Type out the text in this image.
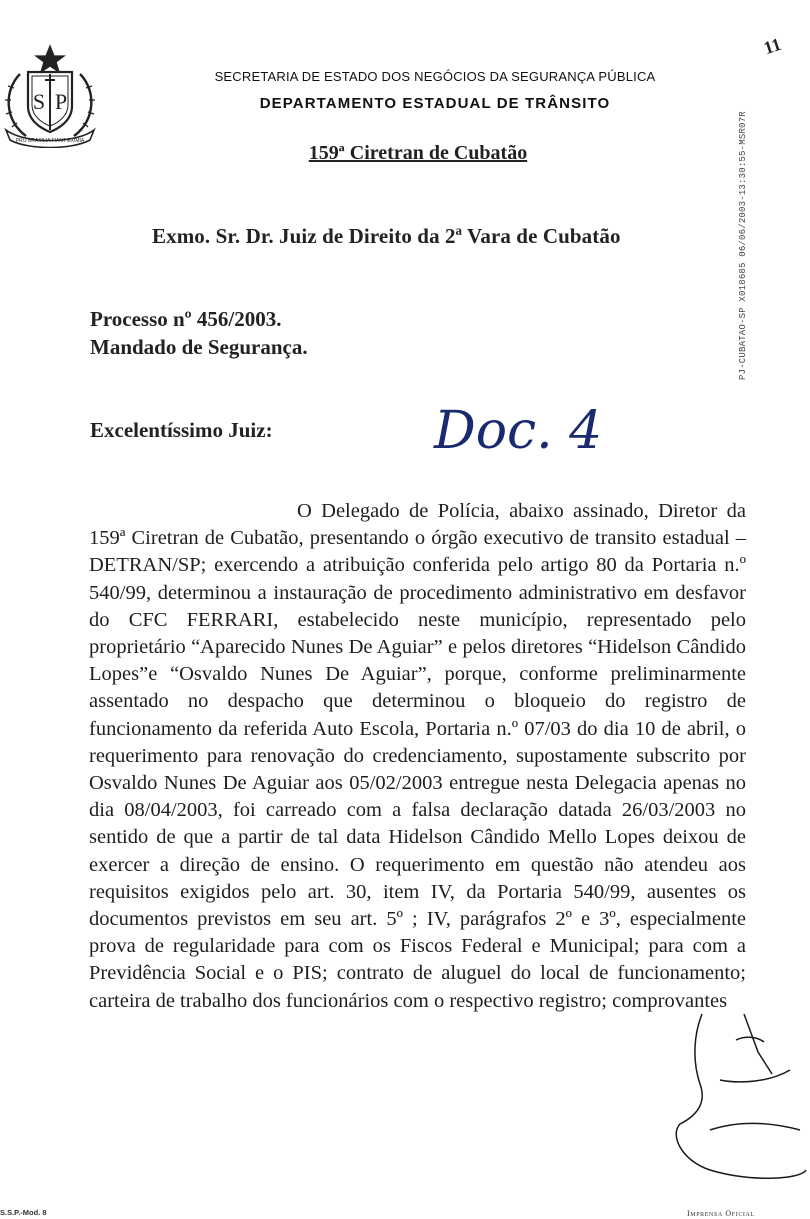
S P
PRO BRASILIA FIANT EXIMIA
11
SECRETARIA DE ESTADO DOS NEGÓCIOS DA SEGURANÇA PÚBLICA
DEPARTAMENTO ESTADUAL DE TRÂNSITO
159ª Ciretran de Cubatão	PJ-CUBATAO-SP X018685 06/06/2003-13:30:55-MSR07R
Exmo. Sr. Dr. Juiz de Direito da 2ª Vara de Cubatão
Processo nº 456/2003.
Mandado de Segurança.
Excelentíssimo Juiz:	Doc. 4
O Delegado de Polícia, abaixo assinado, Diretor da 159ª Ciretran de Cubatão, presentando o órgão executivo de transito estadual – DETRAN/SP; exercendo a atribuição conferida pelo artigo 80 da Portaria n.º 540/99, determinou a instauração de procedimento administrativo em desfavor do CFC FERRARI, estabelecido neste município, representado pelo proprietário “Aparecido Nunes De Aguiar” e pelos diretores “Hidelson Cândido Lopes”e “Osvaldo Nunes De Aguiar”, porque, conforme preliminarmente assentado no despacho que determinou o bloqueio do registro de funcionamento da referida Auto Escola, Portaria n.º 07/03 do dia 10 de abril, o requerimento para renovação do credenciamento, supostamente subscrito por Osvaldo Nunes De Aguiar aos 05/02/2003 entregue nesta Delegacia apenas no dia 08/04/2003, foi carreado com a falsa declaração datada 26/03/2003 no sentido de que a partir de tal data Hidelson Cândido Mello Lopes deixou de exercer a direção de ensino. O requerimento em questão não atendeu aos requisitos exigidos pelo art. 30, item IV, da Portaria 540/99, ausentes os documentos previstos em seu art. 5º ; IV, parágrafos 2º e 3º, especialmente prova de regularidade para com os Fiscos Federal e Municipal; para com a Previdência Social e o PIS; contrato de aluguel do local de funcionamento; carteira de trabalho dos funcionários com o respectivo registro; comprovantes
S.S.P.-Mod. 8	Imprensa Oficial
